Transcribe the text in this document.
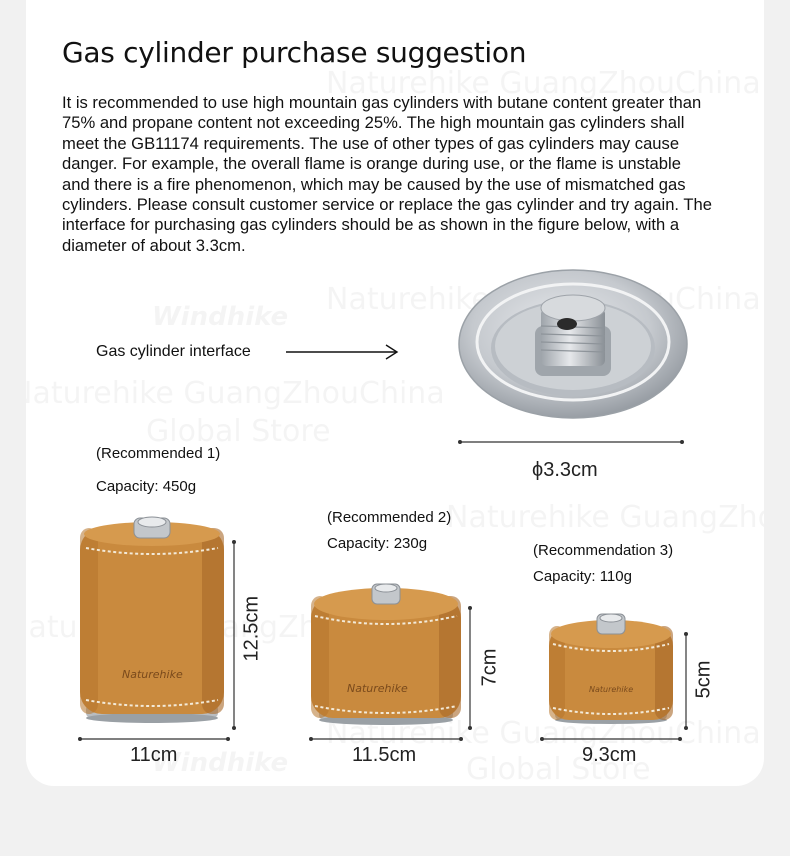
Gas cylinder purchase suggestion

It is recommended to use high mountain gas cylinders with butane content greater than 75% and propane content not exceeding 25%. The high mountain gas cylinders shall meet the GB11174 requirements. The use of other types of gas cylinders may cause danger. For example, the overall flame is orange during use, or the flame is unstable and there is a fire phenomenon, which may be caused by the use of mismatched gas cylinders. Please consult customer service or replace the gas cylinder and try again. The interface for purchasing gas cylinders should be as shown in the figure below, with a diameter of about 3.3cm.

Gas cylinder interface
ϕ3.3cm
(Recommended 1)
Capacity: 450g
(Recommended 2)
Capacity: 230g	(Recommendation 3)
Capacity: 110g
Naturehike
12.5cm
11cm
Naturehike
7cm
11.5cm
Naturehike	5cm
9.3cm
